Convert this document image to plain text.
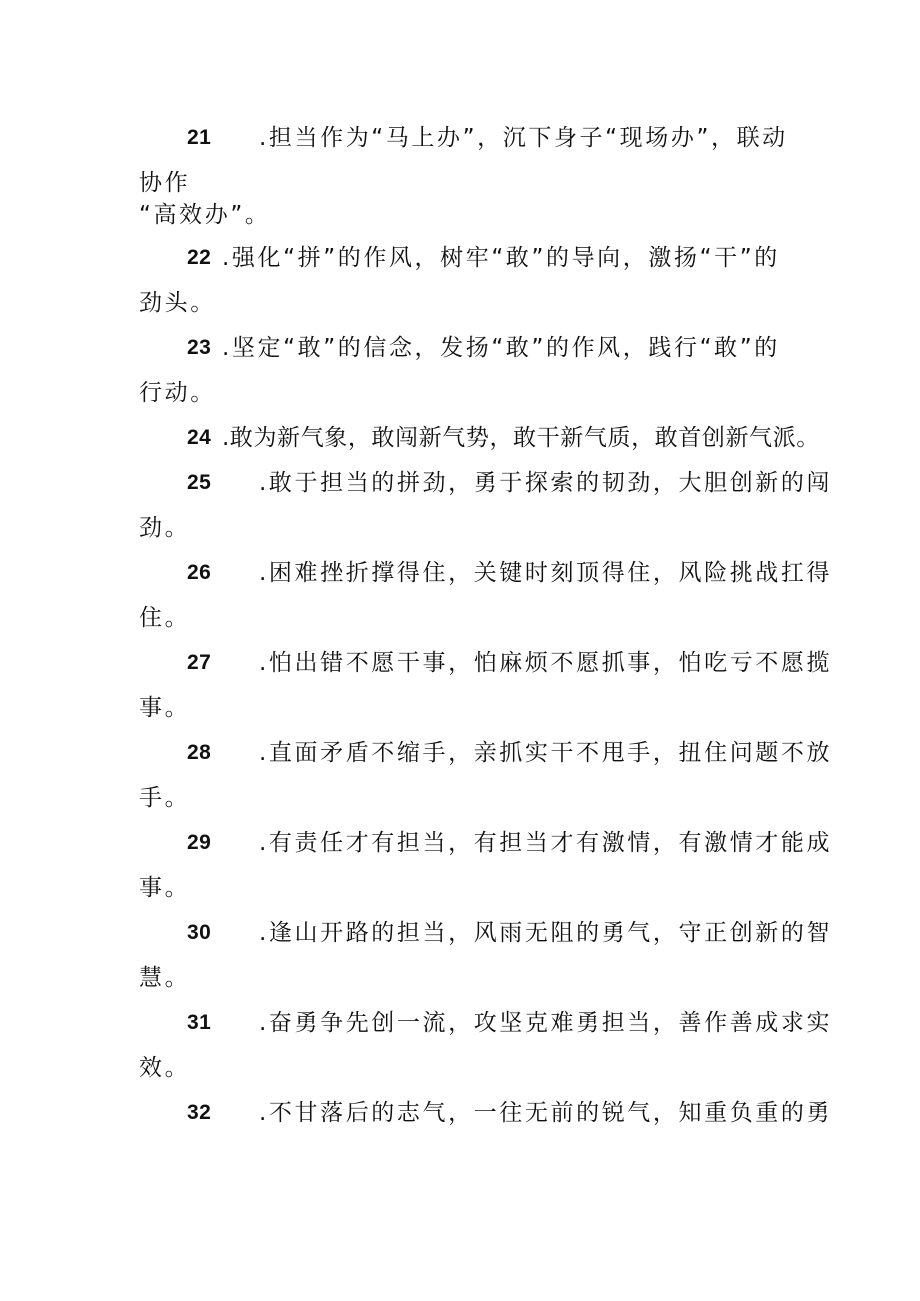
21 .担当作为“马上办”，沉下身子“现场办”，联动
协作
“高效办”。
22 .强化“拼”的作风，树牢“敢”的导向，激扬“干”的
劲头。
23 .坚定“敢”的信念，发扬“敢”的作风，践行“敢”的
行动。
24 .敢为新气象，敢闯新气势，敢干新气质，敢首创新气派。
25 .敢于担当的拼劲，勇于探索的韧劲，大胆创新的闯
劲。
26 .困难挫折撑得住，关键时刻顶得住，风险挑战扛得
住。
27 .怕出错不愿干事，怕麻烦不愿抓事，怕吃亏不愿揽
事。
28 .直面矛盾不缩手，亲抓实干不甩手，扭住问题不放
手。
29 .有责任才有担当，有担当才有激情，有激情才能成
事。
30 .逢山开路的担当，风雨无阻的勇气，守正创新的智
慧。
31 .奋勇争先创一流，攻坚克难勇担当，善作善成求实
效。
32 .不甘落后的志气，一往无前的锐气，知重负重的勇
